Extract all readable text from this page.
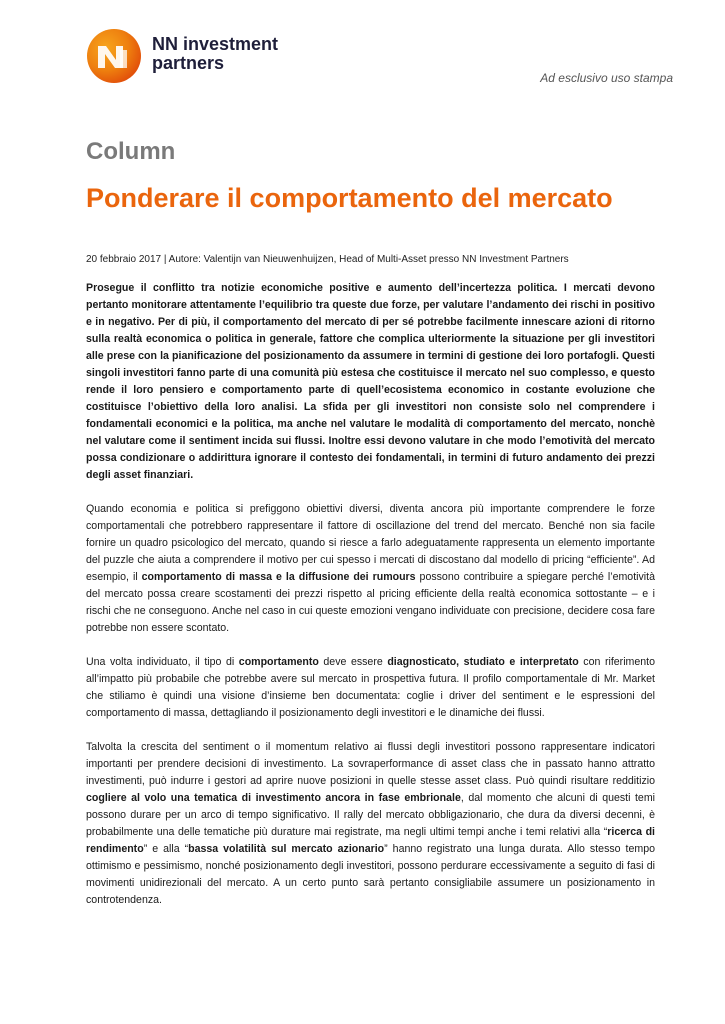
NN investment
partners
Ad esclusivo uso stampa
Column
Ponderare il comportamento del mercato
20 febbraio 2017 | Autore: Valentijn van Nieuwenhuijzen, Head of Multi-Asset presso NN Investment Partners

Prosegue il conflitto tra notizie economiche positive e aumento dell’incertezza politica. I mercati devono pertanto monitorare attentamente l’equilibrio tra queste due forze, per valutare l’andamento dei rischi in positivo e in negativo. Per di più, il comportamento del mercato di per sé potrebbe facilmente innescare azioni di ritorno sulla realtà economica o politica in generale, fattore che complica ulteriormente la situazione per gli investitori alle prese con la pianificazione del posizionamento da assumere in termini di gestione dei loro portafogli. Questi singoli investitori fanno parte di una comunità più estesa che costituisce il mercato nel suo complesso, e questo rende il loro pensiero e comportamento parte di quell’ecosistema economico in costante evoluzione che costituisce l’obiettivo della loro analisi. La sfida per gli investitori non consiste solo nel comprendere i fondamentali economici e la politica, ma anche nel valutare le modalità di comportamento del mercato, nonchè nel valutare come il sentiment incida sui flussi. Inoltre essi devono valutare in che modo l’emotività del mercato possa condizionare o addirittura ignorare il contesto dei fondamentali, in termini di futuro andamento dei prezzi degli asset finanziari.

Quando economia e politica si prefiggono obiettivi diversi, diventa ancora più importante comprendere le forze comportamentali che potrebbero rappresentare il fattore di oscillazione del trend del mercato. Benché non sia facile fornire un quadro psicologico del mercato, quando si riesce a farlo adeguatamente rappresenta un elemento importante del puzzle che aiuta a comprendere il motivo per cui spesso i mercati di discostano dal modello di pricing “efficiente”. Ad esempio, il comportamento di massa e la diffusione dei rumours possono contribuire a spiegare perché l’emotività del mercato possa creare scostamenti dei prezzi rispetto al pricing efficiente della realtà economica sottostante – e i rischi che ne conseguono. Anche nel caso in cui queste emozioni vengano individuate con precisione, decidere cosa fare potrebbe non essere scontato.

Una volta individuato, il tipo di comportamento deve essere diagnosticato, studiato e interpretato con riferimento all’impatto più probabile che potrebbe avere sul mercato in prospettiva futura. Il profilo comportamentale di Mr. Market che stiliamo è quindi una visione d’insieme ben documentata: coglie i driver del sentiment e le espressioni del comportamento di massa, dettagliando il posizionamento degli investitori e le dinamiche dei flussi.

Talvolta la crescita del sentiment o il momentum relativo ai flussi degli investitori possono rappresentare indicatori importanti per prendere decisioni di investimento. La sovraperformance di asset class che in passato hanno attratto investimenti, può indurre i gestori ad aprire nuove posizioni in quelle stesse asset class. Può quindi risultare redditizio cogliere al volo una tematica di investimento ancora in fase embrionale, dal momento che alcuni di questi temi possono durare per un arco di tempo significativo. Il rally del mercato obbligazionario, che dura da diversi decenni, è probabilmente una delle tematiche più durature mai registrate, ma negli ultimi tempi anche i temi relativi alla “ricerca di rendimento” e alla “bassa volatilità sul mercato azionario” hanno registrato una lunga durata. Allo stesso tempo ottimismo e pessimismo, nonché posizionamento degli investitori, possono perdurare eccessivamente a seguito di fasi di movimenti unidirezionali del mercato. A un certo punto sarà pertanto consigliabile assumere un posizionamento in controtendenza.
